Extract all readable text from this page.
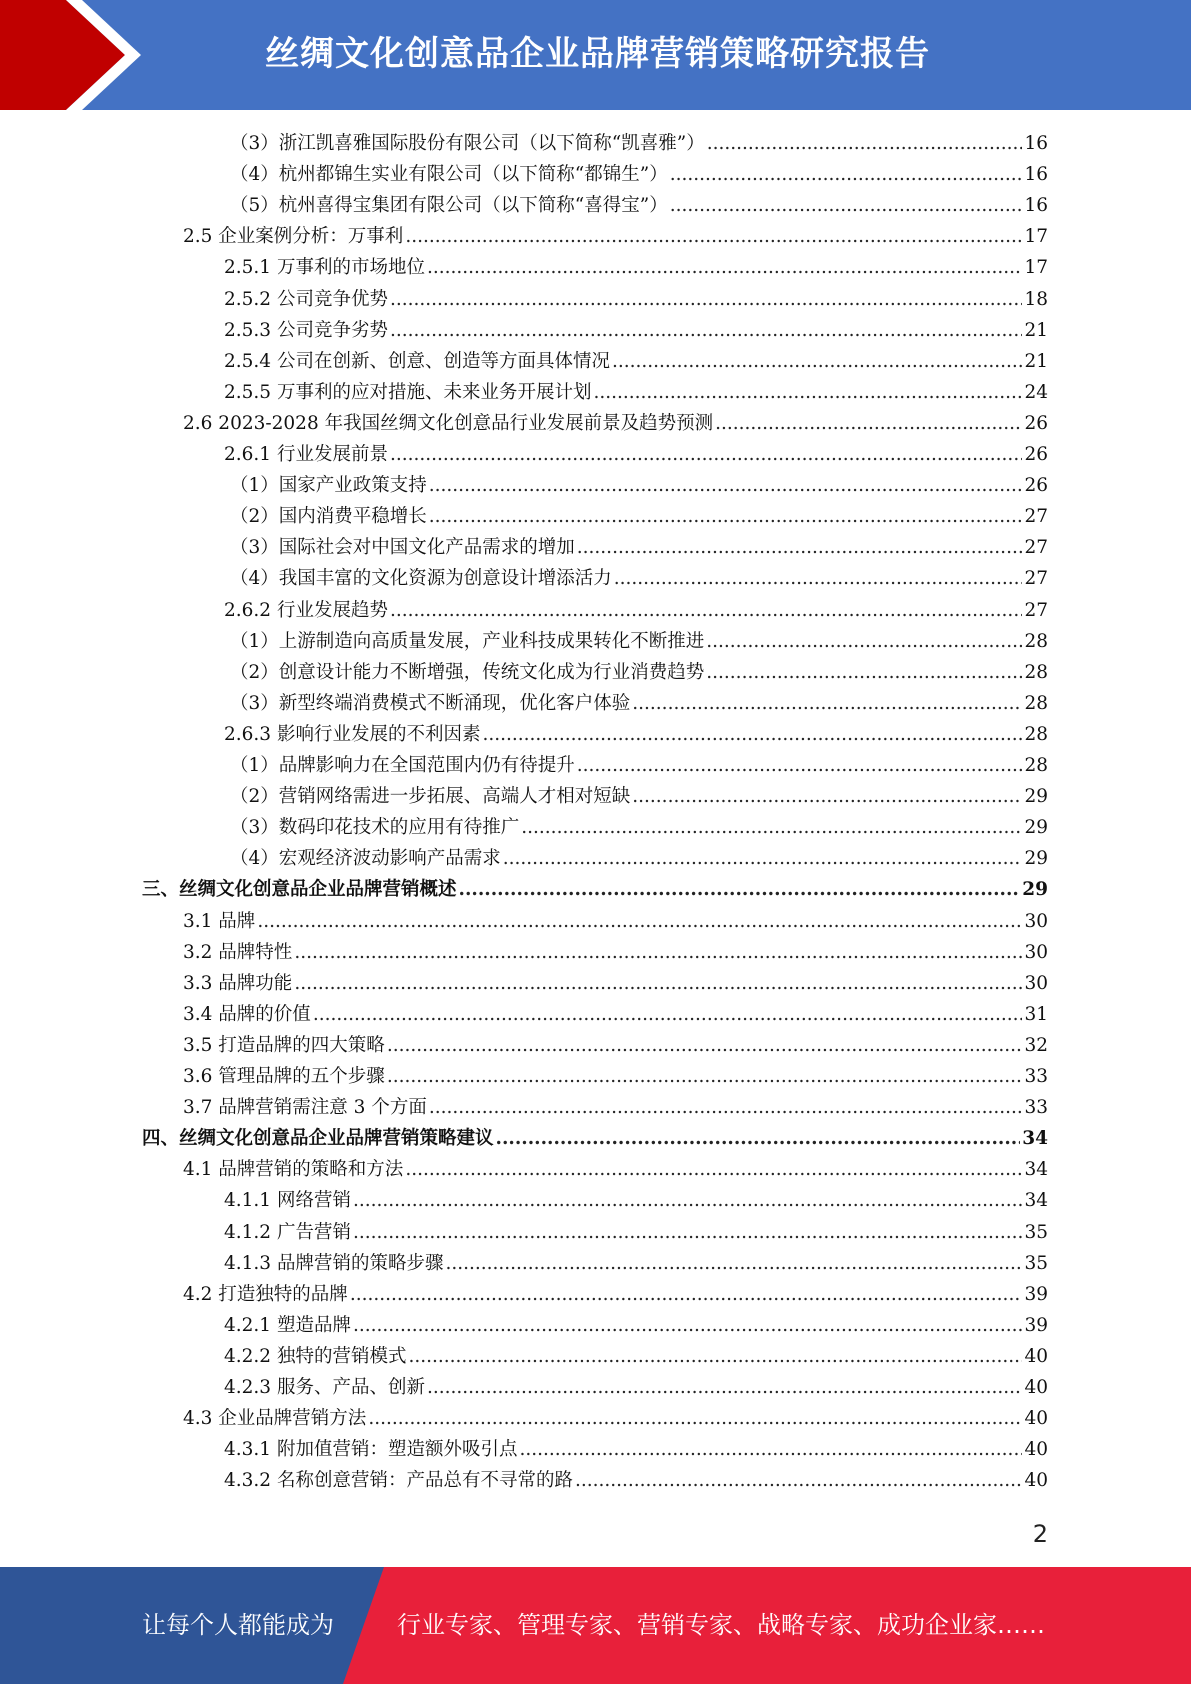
丝绸文化创意品企业品牌营销策略研究报告
（3）浙江凯喜雅国际股份有限公司（以下简称“凯喜雅”） .....	16
（4）杭州都锦生实业有限公司（以下简称“都锦生”） .....	16
（5）杭州喜得宝集团有限公司（以下简称“喜得宝”） .....	16
2.5 企业案例分析：万事利 .....	17
2.5.1 万事利的市场地位 .....	17
2.5.2 公司竞争优势 .....	18
2.5.3 公司竞争劣势 .....	21
2.5.4 公司在创新、创意、创造等方面具体情况 .....	21
2.5.5 万事利的应对措施、未来业务开展计划 .....	24
2.6 2023-2028 年我国丝绸文化创意品行业发展前景及趋势预测 .....	26
2.6.1 行业发展前景 .....	26
（1）国家产业政策支持 .....	26
（2）国内消费平稳增长 .....	27
（3）国际社会对中国文化产品需求的增加 .....	27
（4）我国丰富的文化资源为创意设计增添活力 .....	27
2.6.2 行业发展趋势 .....	27
（1）上游制造向高质量发展，产业科技成果转化不断推进 .....	28
（2）创意设计能力不断增强，传统文化成为行业消费趋势 .....	28
（3）新型终端消费模式不断涌现，优化客户体验 .....	28
2.6.3 影响行业发展的不利因素 .....	28
（1）品牌影响力在全国范围内仍有待提升 .....	28
（2）营销网络需进一步拓展、高端人才相对短缺 .....	29
（3）数码印花技术的应用有待推广 .....	29
（4）宏观经济波动影响产品需求 .....	29
三、丝绸文化创意品企业品牌营销概述 .....	29
3.1 品牌 .....	30
3.2 品牌特性 .....	30
3.3 品牌功能 .....	30
3.4 品牌的价值 .....	31
3.5 打造品牌的四大策略 .....	32
3.6 管理品牌的五个步骤 .....	33
3.7 品牌营销需注意 3 个方面 .....	33
四、丝绸文化创意品企业品牌营销策略建议 .....	34
4.1 品牌营销的策略和方法 .....	34
4.1.1 网络营销 .....	34
4.1.2 广告营销 .....	35
4.1.3 品牌营销的策略步骤 .....	35
4.2 打造独特的品牌 .....	39
4.2.1 塑造品牌 .....	39
4.2.2 独特的营销模式 .....	40
4.2.3 服务、产品、创新 .....	40
4.3 企业品牌营销方法 .....	40
4.3.1 附加值营销：塑造额外吸引点 .....	40
4.3.2 名称创意营销：产品总有不寻常的路 .....	40
2
让每个人都能成为	行业专家、管理专家、营销专家、战略专家、成功企业家……
